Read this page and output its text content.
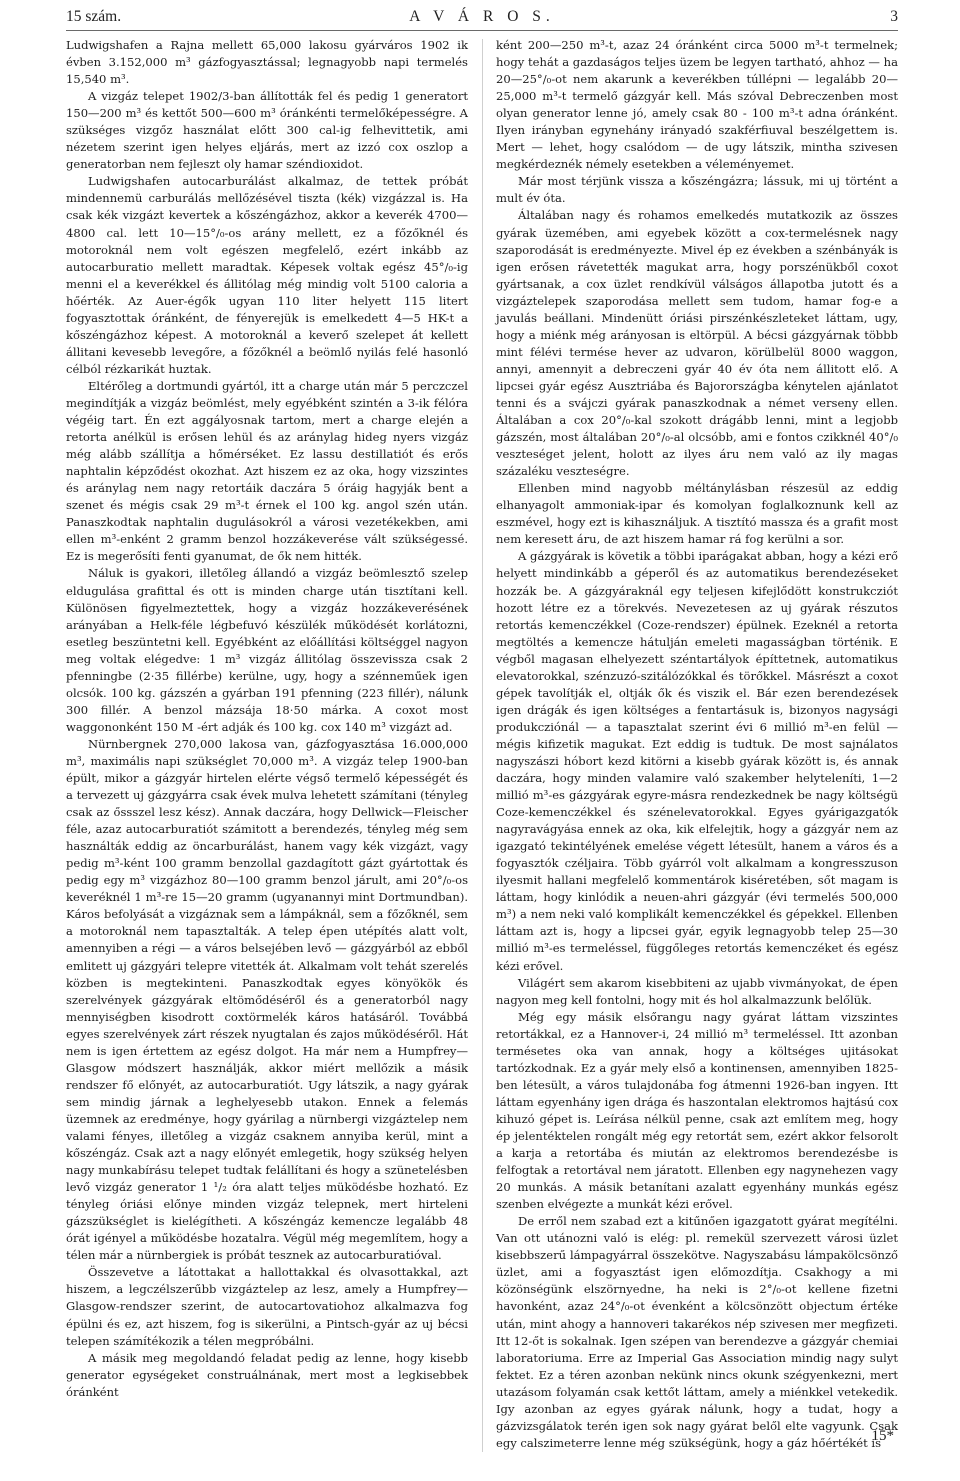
15 szám.	A V Á R O S.	3

Ludwigshafen a Rajna mellett 65,000 lakosu gyárváros 1902 ik évben 3.152,000 m³ gázfogyasztással; legnagyobb napi termelés 15,540 m³.

A vizgáz telepet 1902/3-ban állították fel és pedig 1 generatort 150—200 m³ és kettőt 500—600 m³ óránkénti termelőképességre. A szükséges vizgőz használat előtt 300 cal-ig felhevittetik, ami nézetem szerint igen helyes eljárás, mert az izzó cox oszlop a generatorban nem fejleszt oly hamar széndioxidot.

Ludwigshafen autocarburálást alkalmaz, de tettek próbát mindennemü carburálás mellőzésével tiszta (kék) vizgázzal is. Ha csak kék vizgázt kevertek a kőszéngázhoz, akkor a keverék 4700—4800 cal. lett 10—15°/₀-os arány mellett, ez a főzőknél és motoroknál nem volt egészen megfelelő, ezért inkább az autocarburatio mellett maradtak. Képesek voltak egész 45°/₀-ig menni el a keverékkel és állitólag még mindig volt 5100 caloria a hőérték. Az Auer-égők ugyan 110 liter helyett 115 litert fogyasztottak óránként, de fényerejük is emelkedett 4—5 HK-t a kőszéngázhoz képest. A motoroknál a keverő szelepet át kellett állitani kevesebb levegőre, a főzőknél a beömlő nyilás felé hasonló célból rézkarikát huztak.

Eltérőleg a dortmundi gyártól, itt a charge után már 5 perczczel megindítják a vizgáz beömlést, mely egyébként szintén a 3-ik félóra végéig tart. Én ezt aggályosnak tartom, mert a charge elején a retorta anélkül is erősen lehül és az aránylag hideg nyers vizgáz még alább szállítja a hőmérséket. Ez lassu destillatiót és erős naphtalin képződést okozhat. Azt hiszem ez az oka, hogy vizszintes és aránylag nem nagy retortáik daczára 5 óráig hagyják bent a szenet és mégis csak 29 m³-t érnek el 100 kg. angol szén után. Panaszkodtak naphtalin dugulásokról a városi vezetékekben, ami ellen m³-enként 2 gramm benzol hozzákeverése vált szükségessé. Ez is megerősíti fenti gyanumat, de ők nem hitték.

Náluk is gyakori, illetőleg állandó a vizgáz beömlesztő szelep eldugulása grafittal és ott is minden charge után tisztítani kell. Különösen figyelmeztettek, hogy a vizgáz hozzákeverésének arányában a Helk-féle légbefuvó készülék működését korlátozni, esetleg beszüntetni kell. Egyébként az előállítási költséggel nagyon meg voltak elégedve: 1 m³ vizgáz állitólag összevissza csak 2 pfenningbe (2·35 fillérbe) kerülne, ugy, hogy a szénneműek igen olcsók. 100 kg. gázszén a gyárban 191 pfenning (223 fillér), nálunk 300 fillér. A benzol mázsája 18·50 márka. A coxot most waggononként 150 M -ért adják és 100 kg. cox 140 m³ vizgázt ad.

Nürnbergnek 270,000 lakosa van, gázfogyasztása 16.000,000 m³, maximális napi szükséglet 70,000 m³. A vizgáz telep 1900-ban épült, mikor a gázgyár hirtelen elérte végső termelő képességét és a tervezett uj gázgyárra csak évek mulva lehetett számítani (tényleg csak az őssszel lesz kész). Annak daczára, hogy Dellwick—Fleischer féle, azaz autocarburatiót számitott a berendezés, tényleg még sem használták eddig az öncarburálást, hanem vagy kék vizgázt, vagy pedig m³-ként 100 gramm benzollal gazdagított gázt gyártottak és pedig egy m³ vizgázhoz 80—100 gramm benzol járult, ami 20°/₀-os keveréknél 1 m³-re 15—20 gramm (ugyanannyi mint Dortmundban). Káros befolyását a vizgáznak sem a lámpáknál, sem a főzőknél, sem a motoroknál nem tapasztalták. A telep épen utépítés alatt volt, amennyiben a régi — a város belsejében levő — gázgyárból az ebből emlitett uj gázgyári telepre vitették át. Alkalmam volt tehát szerelés közben is megtekinteni. Panaszkodtak egyes könyökök és szerelvények gázgyárak eltömődéséről és a generatorból nagy mennyiségben kisodrott coxtörmelék káros hatásáról. Továbbá egyes szerelvények zárt részek nyugtalan és zajos működéséről. Hát nem is igen értettem az egész dolgot. Ha már nem a Humpfrey—Glasgow módszert használják, akkor miért mellőzik a másik rendszer fő előnyét, az autocarburatiót. Ugy látszik, a nagy gyárak sem mindig járnak a leghelyesebb utakon. Ennek a felemás üzemnek az eredménye, hogy gyárilag a nürnbergi vizgáztelep nem valami fényes, illetőleg a vizgáz csaknem annyiba kerül, mint a kőszéngáz. Csak azt a nagy előnyét emlegetik, hogy szükség helyen nagy munkabírásu telepet tudtak felállítani és hogy a szünetelésben levő vizgáz generator 1 ¹/₂ óra alatt teljes müködésbe hozható. Ez tényleg óriási előnye minden vizgáz telepnek, mert hirteleni gázszükséglet is kielégítheti. A kőszéngáz kemencze legalább 48 órát igényel a működésbe hozatalra. Végül még megemlítem, hogy a télen már a nürnbergiek is próbát tesznek az autocarburatióval.

Összevetve a látottakat a hallottakkal és olvasottakkal, azt hiszem, a legczélszerűbb vizgáztelep az lesz, amely a Humpfrey—Glasgow-rendszer szerint, de autocartovatiohoz alkalmazva fog épülni és ez, azt hiszem, fog is sikerülni, a Pintsch-gyár az uj bécsi telepen számítékozik a télen megpróbálni.

A másik meg megoldandó feladat pedig az lenne, hogy kisebb generator egységeket construálnának, mert most a legkisebbek óránként

ként 200—250 m³-t, azaz 24 óránként circa 5000 m³-t termelnek; hogy tehát a gazdaságos teljes üzem be legyen tartható, ahhoz — ha 20—25°/₀-ot nem akarunk a keverékben túllépni — legalább 20—25,000 m³-t termelő gázgyár kell. Más szóval Debreczenben most olyan generator lenne jó, amely csak 80 - 100 m³-t adna óránként. Ilyen irányban egynehány irányadó szakférfiuval beszélgettem is. Mert — lehet, hogy csalódom — de ugy látszik, mintha szivesen megkérdeznék némely esetekben a véleményemet.

Már most térjünk vissza a kőszéngázra; lássuk, mi uj történt a mult év óta.

Általában nagy és rohamos emelkedés mutatkozik az összes gyárak üzemében, ami egyebek között a cox-termelésnek nagy szaporodását is eredményezte. Mivel ép ez években a szénbányák is igen erősen rávetették magukat arra, hogy porszénükből coxot gyártsanak, a cox üzlet rendkívül válságos állapotba jutott és a vizgáztelepek szaporodása mellett sem tudom, hamar fog-e a javulás beállani. Mindenütt óriási pirszénkészleteket láttam, ugy, hogy a miénk még arányosan is eltörpül. A bécsi gázgyárnak többb mint félévi termése hever az udvaron, körülbelül 8000 waggon, annyi, amennyit a debreczeni gyár 40 év óta nem állitott elő. A lipcsei gyár egész Ausztriába és Bajorországba kénytelen ajánlatot tenni és a svájczi gyárak panaszkodnak a német verseny ellen. Általában a cox 20°/₀-kal szokott drágább lenni, mint a legjobb gázszén, most általában 20°/₀-al olcsóbb, ami e fontos czikknél 40°/₀ veszteséget jelent, holott az ilyes áru nem való az ily magas százaléku veszteségre.

Ellenben mind nagyobb méltánylásban részesül az eddig elhanyagolt ammoniak-ipar és komolyan foglalkoznunk kell az eszmével, hogy ezt is kihasználjuk. A tisztító massza és a grafit most nem keresett áru, de azt hiszem hamar rá fog kerülni a sor.

A gázgyárak is követik a többi iparágakat abban, hogy a kézi erő helyett mindinkább a géperől és az automatikus berendezéseket hozzák be. A gázgyáraknál egy teljesen kifejlődött konstrukcziót hozott létre ez a törekvés. Nevezetesen az uj gyárak részutos retortás kemenczékkel (Coze-rendszer) épülnek. Ezeknél a retorta megtöltés a kemencze hátulján emeleti magasságban történik. E végből magasan elhelyezett széntartályok építtetnek, automatikus elevatorokkal, szénzuzó-szitálózókkal és törőkkel. Másrészt a coxot gépek tavolítják el, oltják ők és viszik el. Bár ezen berendezések igen drágák és igen költséges a fentartásuk is, bizonyos nagysági produkcziónál — a tapasztalat szerint évi 6 millió m³-en felül — mégis kifizetik magukat. Ezt eddig is tudtuk. De most sajnálatos nagyszászi hóbort kezd kitörni a kisebb gyárak között is, és annak daczára, hogy minden valamire való szakember helyteleníti, 1—2 millió m³-es gázgyárak egyre-másra rendezkednek be nagy költségü Coze-kemenczékkel és szénelevatorokkal. Egyes gyárigazgatók nagyravágyása ennek az oka, kik elfelejtik, hogy a gázgyár nem az igazgató tekintélyének emelése végett létesült, hanem a város és a fogyasztók czéljaira. Több gyárról volt alkalmam a kongresszuson ilyesmit hallani megfelelő kommentárok kiséretében, sőt magam is láttam, hogy kinlódik a neuen-ahri gázgyár (évi termelés 500,000 m³) a nem neki való komplikált kemenczékkel és gépekkel. Ellenben láttam azt is, hogy a lipcsei gyár, egyik legnagyobb telep 25—30 millió m³-es termeléssel, függőleges retortás kemenczéket és egész kézi erővel.

Világért sem akarom kisebbiteni az ujabb vivmányokat, de épen nagyon meg kell fontolni, hogy mit és hol alkalmazzunk belőlük.

Még egy másik elsőrangu nagy gyárat láttam vizszintes retortákkal, ez a Hannover-i, 24 millió m³ termeléssel. Itt azonban termésetes oka van annak, hogy a költséges ujitásokat tartózkodnak. Ez a gyár mely első a kontinensen, amennyiben 1825-ben létesült, a város tulajdonába fog átmenni 1926-ban ingyen. Itt láttam egyenhány igen drága és haszontalan elektromos hajtású cox kihuzó gépet is. Leírása nélkül penne, csak azt említem meg, hogy ép jelentéktelen rongált még egy retortát sem, ezért akkor felsorolt a karja a retortába és miután az elektromos berendezésbe is felfogtak a retortával nem járatott. Ellenben egy nagynehezen vagy 20 munkás. A másik betanítani azalatt egyenhány munkás egész szenben elvégezte a munkát kézi erővel.

De erről nem szabad ezt a kitűnően igazgatott gyárat megítélni. Van ott utánozni való is elég: pl. remekül szervezett városi üzlet kisebbszerű lámpagyárral összekötve. Nagyszabásu lámpakölcsönző üzlet, ami a fogyasztást igen előmozdítja. Csakhogy a mi közönségünk elszörnyedne, ha neki is 2°/₀-ot kellene fizetni havonként, azaz 24°/₀-ot évenként a kölcsönzött objectum értéke után, mint ahogy a hannoveri takarékos nép szivesen mer megfizeti. Itt 12-őt is sokalnak. Igen szépen van berendezve a gázgyár chemiai laboratoriuma. Erre az Imperial Gas Association mindig nagy sulyt fektet. Ez a téren azonban nekünk nincs okunk szégyenkezni, mert utazásom folyamán csak kettőt láttam, amely a miénkkel vetekedik. Igy azonban az egyes gyárak nálunk, hogy a tudat, hogy a gázvizsgálatok terén igen sok nagy gyárat belől elte vagyunk. Csak egy calszimeterre lenne még szükségünk, hogy a gáz hőértékét is

15*
